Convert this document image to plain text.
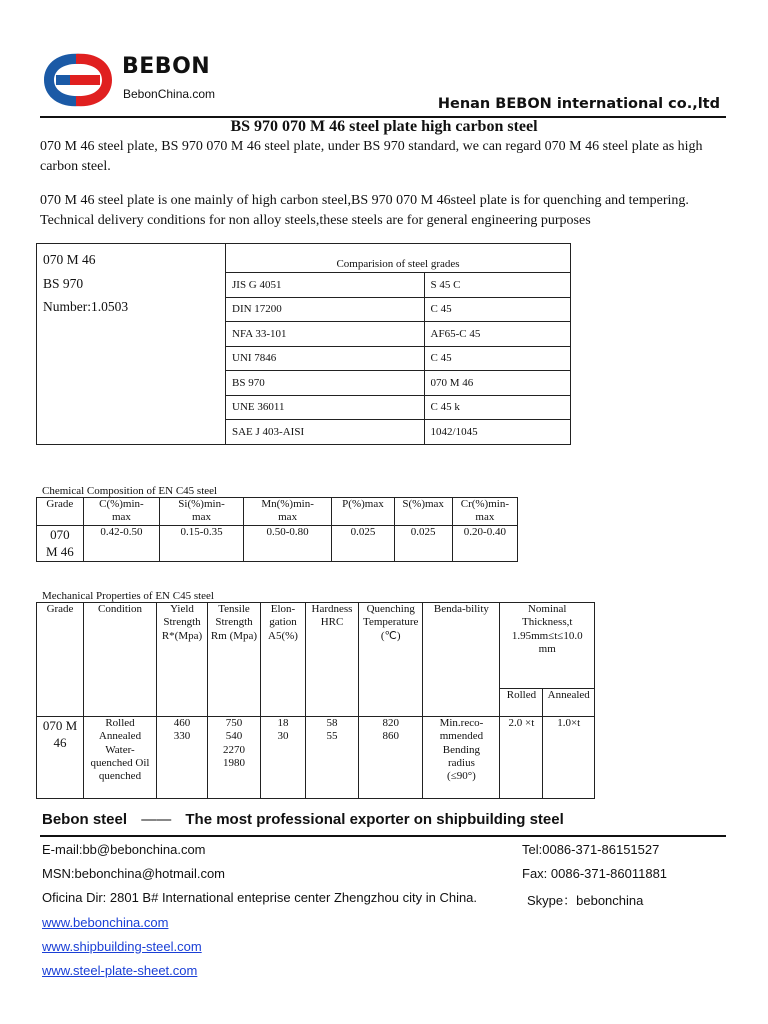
BEBON
BebonChina.com
Henan BEBON international co.,ltd
BS 970 070 M 46 steel plate high carbon steel
070 M 46 steel plate, BS 970 070 M 46 steel plate, under BS 970 standard, we can regard 070 M 46 steel plate as high carbon steel.
070 M 46 steel plate is one mainly of high carbon steel,BS 970 070 M 46steel plate is for quenching and tempering. Technical delivery conditions for non alloy steels,these steels are for general engineering purposes
070 M 46
BS 970
Number:1.0503	Comparision of steel grades	
	JIS G 4051	S 45 C
	DIN 17200	C 45
	NFA 33-101	AF65-C 45
	UNI 7846	C 45
	BS 970	070 M 46
	UNE 36011	C 45 k
	SAE J 403-AISI	1042/1045
Chemical Composition of EN C45 steel
Grade	C(%)min-max	Si(%)min-max	Mn(%)min-max	P(%)max	S(%)max	Cr(%)min-max
070 M 46	0.42-0.50	0.15-0.35	0.50-0.80	0.025	0.025	0.20-0.40
Mechanical Properties of EN C45 steel
Grade	Condition	Yield Strength R*(Mpa)	Tensile Strength Rm (Mpa)	Elon-gation A5(%)	Hardness HRC	Quenching Temperature (℃)	Benda-bility	Nominal Thickness,t 1.95mm≤t≤10.0 mm	
								Rolled	Annealed
070 M 46	Rolled Annealed Water-quenched Oil quenched	460 330	750 540 2270 1980	18 30	58 55	820 860	Min.reco-mmended Bending radius (≤90°)	2.0 ×t	1.0×t
Bebon steel —— The most professional exporter on shipbuilding steel
E-mail:bb@bebonchina.com	Tel:0086-371-86151527
MSN:bebonchina@hotmail.com	Fax: 0086-371-86011881
Oficina Dir: 2801 B# International enteprise center Zhengzhou city in China.	Skype：bebonchina
www.bebonchina.com
www.shipbuilding-steel.com
www.steel-plate-sheet.com
